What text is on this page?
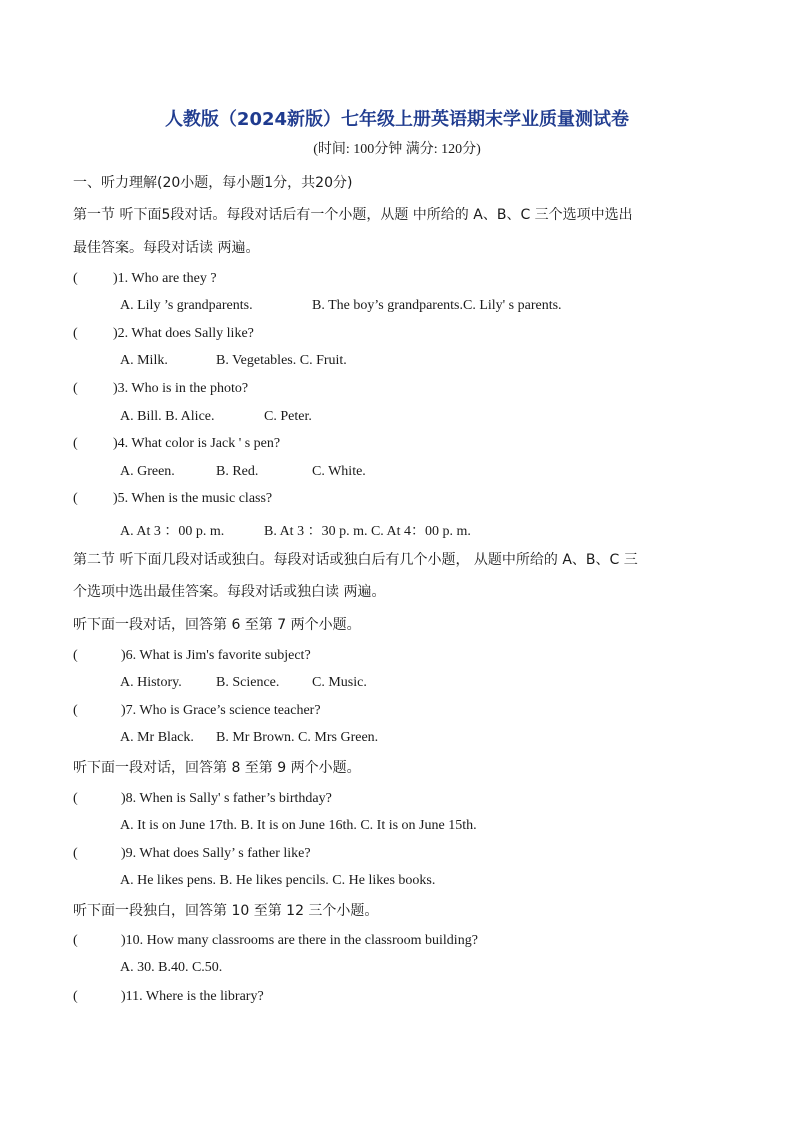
人教版（2024新版）七年级上册英语期末学业质量测试卷
(时间: 100分钟 满分: 120分)
一、听力理解(20小题，每小题1分，共20分)
第一节 听下面5段对话。每段对话后有一个小题，从题 中所给的 A、B、C 三个选项中选出
最佳答案。每段对话读 两遍。
(	)1. Who are they ?
A. Lily ’s grandparents.	B. The boy’s grandparents.C. Lily' s parents.
(	)2. What does Sally like?
A. Milk.	B. Vegetables. C. Fruit.
(	)3. Who is in the photo?
A. Bill. B. Alice.	C. Peter.
(	)4. What color is Jack ' s pen?
A. Green.	B. Red.	C. White.
(	)5. When is the music class?
A. At 3 ：00 p. m.	B. At 3 ：30 p. m. C. At 4：00 p. m.
第二节 听下面几段对话或独白。每段对话或独白后有几个小题， 从题中所给的 A、B、C 三
个选项中选出最佳答案。每段对话或独白读 两遍。
听下面一段对话，回答第 6 至第 7 两个小题。
(	)6. What is Jim's favorite subject?
A. History. B. Science. C. Music.
(	)7. Who is Grace’s science teacher?
A. Mr Black. B. Mr Brown. C. Mrs Green.
听下面一段对话，回答第 8 至第 9 两个小题。
(	)8. When is Sally' s father’s birthday?
A. It is on June 17th. B. It is on June 16th. C. It is on June 15th.
(	)9. What does Sally’ s father like?
A. He likes pens. B. He likes pencils. C. He likes books.
听下面一段独白，回答第 10 至第 12 三个小题。
(	)10. How many classrooms are there in the classroom building?
A. 30. B.40. C.50.
(	)11. Where is the library?
